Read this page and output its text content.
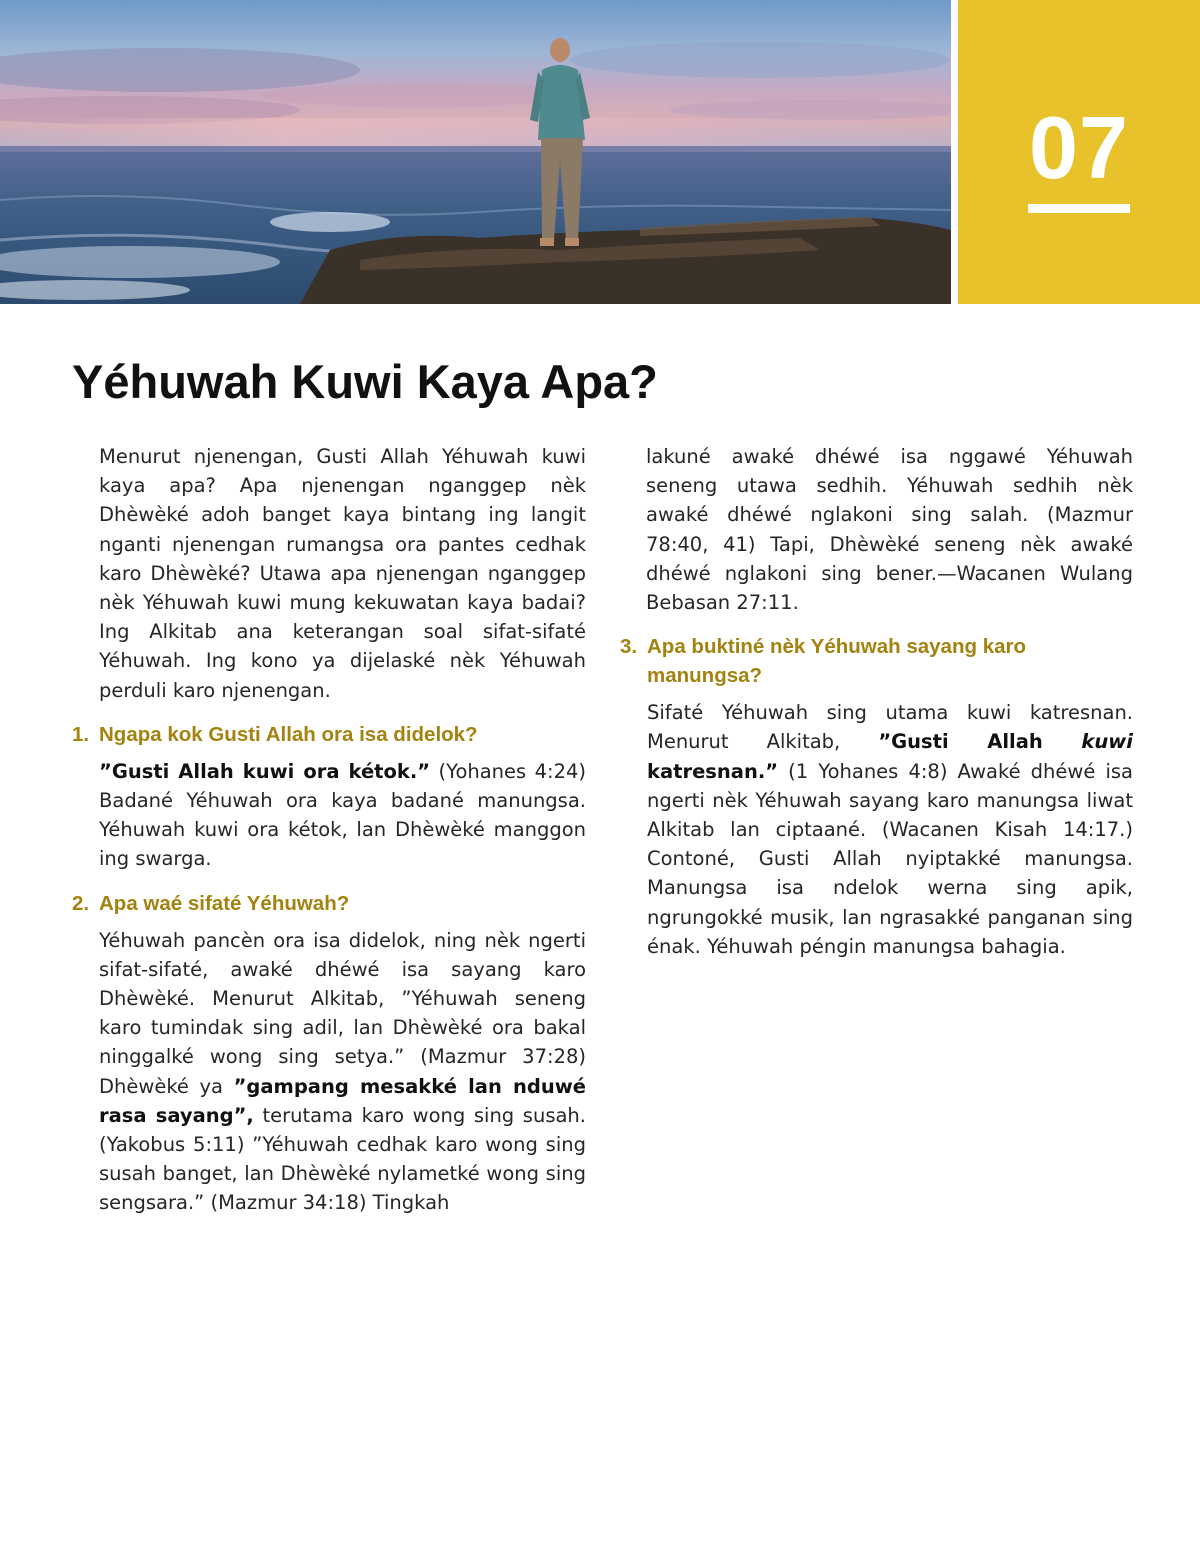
07
Yéhuwah Kuwi Kaya Apa?

Menurut njenengan, Gusti Allah Yéhuwah kuwi kaya apa? Apa njenengan nganggep nèk Dhèwèké adoh banget kaya bintang ing langit nganti njenengan rumangsa ora pantes cedhak karo Dhèwèké? Utawa apa njenengan nganggep nèk Yéhuwah kuwi mung kekuwatan kaya badai? Ing Alkitab ana keterangan soal sifat-sifaté Yéhuwah. Ing kono ya dijelaské nèk Yéhuwah perduli karo njenengan.

1. Ngapa kok Gusti Allah ora isa didelok?

”Gusti Allah kuwi ora kétok.” (Yohanes 4:24) Badané Yéhuwah ora kaya badané manungsa. Yéhuwah kuwi ora kétok, lan Dhèwèké manggon ing swarga.

2. Apa waé sifaté Yéhuwah?

Yéhuwah pancèn ora isa didelok, ning nèk ngerti sifat-sifaté, awaké dhéwé isa sayang karo Dhèwèké. Menurut Alkitab, ”Yéhuwah seneng karo tumindak sing adil, lan Dhèwèké ora bakal ninggalké wong sing setya.” (Mazmur 37:28) Dhèwèké ya ”gampang mesakké lan nduwé rasa sayang”, terutama karo wong sing susah. (Yakobus 5:11) ”Yéhuwah cedhak karo wong sing susah banget, lan Dhèwèké nylametké wong sing sengsara.” (Mazmur 34:18) Tingkah

lakuné awaké dhéwé isa nggawé Yéhuwah seneng utawa sedhih. Yéhuwah sedhih nèk awaké dhéwé nglakoni sing salah. (Mazmur 78:40, 41) Tapi, Dhèwèké seneng nèk awaké dhéwé nglakoni sing bener.—Wacanen Wulang Bebasan 27:11.

3. Apa buktiné nèk Yéhuwah sayang karo manungsa?

Sifaté Yéhuwah sing utama kuwi katresnan. Menurut Alkitab, ”Gusti Allah kuwi katresnan.” (1 Yohanes 4:8) Awaké dhéwé isa ngerti nèk Yéhuwah sayang karo manungsa liwat Alkitab lan ciptaané. (Wacanen Kisah 14:17.) Contoné, Gusti Allah nyiptakké manungsa. Manungsa isa ndelok werna sing apik, ngrungokké musik, lan ngrasakké panganan sing énak. Yéhuwah péngin manungsa bahagia.
